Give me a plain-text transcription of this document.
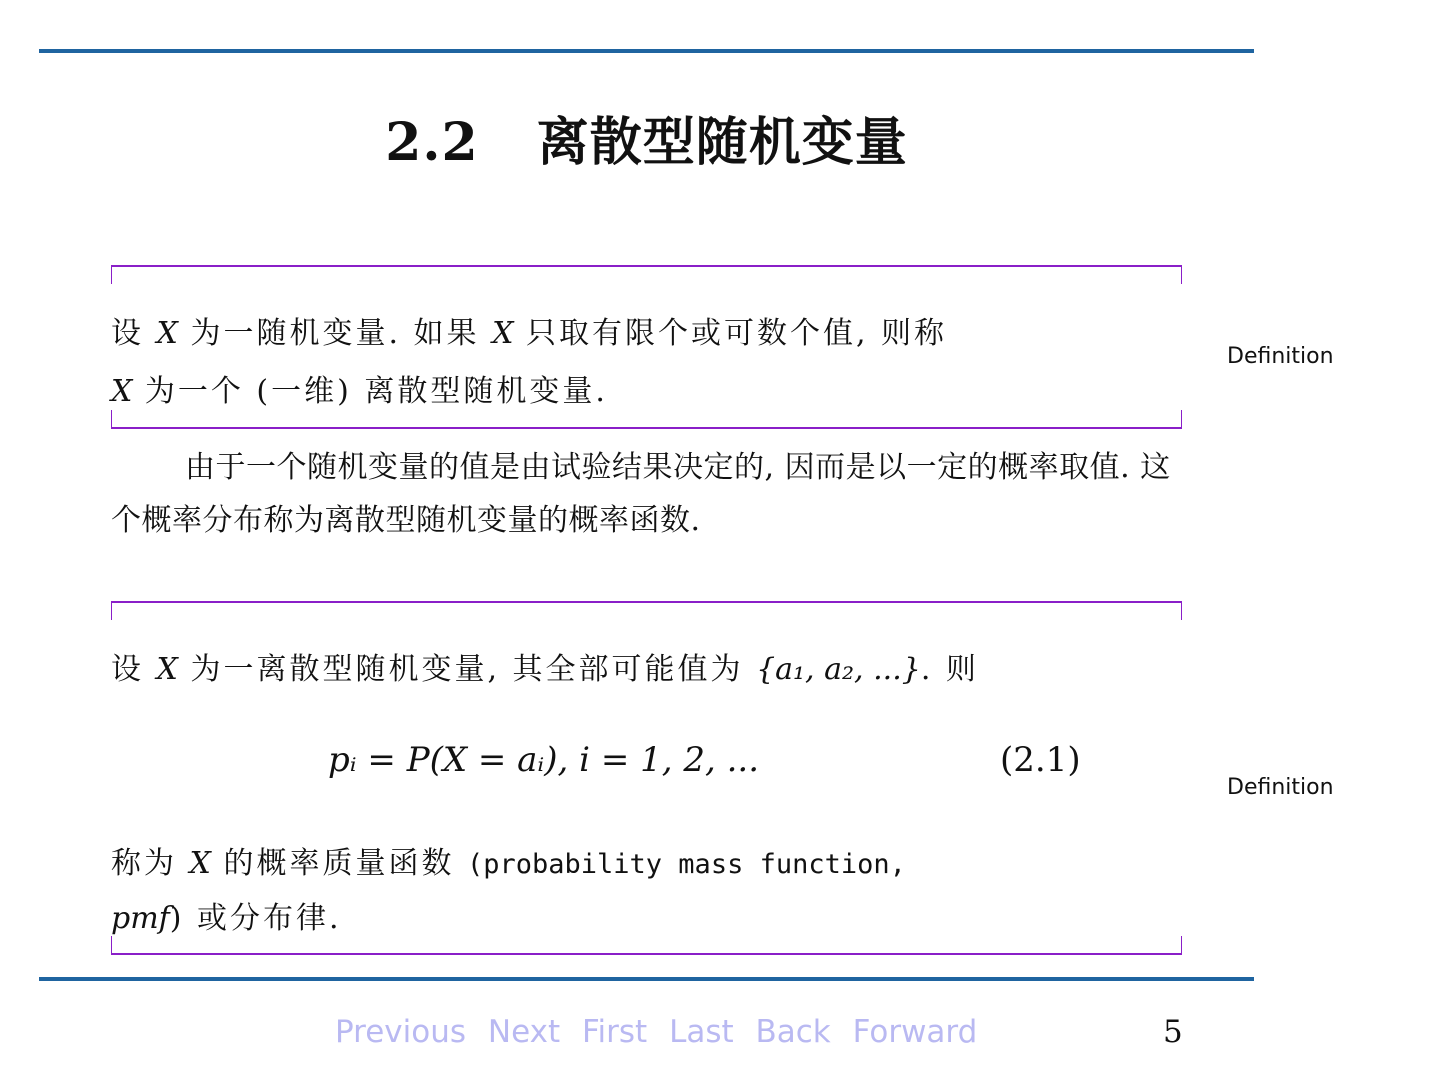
2.2 离散型随机变量
设 X 为一随机变量. 如果 X 只取有限个或可数个值, 则称
X 为一个 (一维) 离散型随机变量.
Definition
由于一个随机变量的值是由试验结果决定的, 因而是以一定的概率取值. 这个概率分布称为离散型随机变量的概率函数.
设 X 为一离散型随机变量, 其全部可能值为 {a₁, a₂, ...}. 则
pᵢ = P(X = aᵢ), i = 1, 2, ...	(2.1)
称为 X 的概率质量函数 (probability mass function,
pmf) 或分布律.
Definition
Previous Next First Last Back Forward	5
